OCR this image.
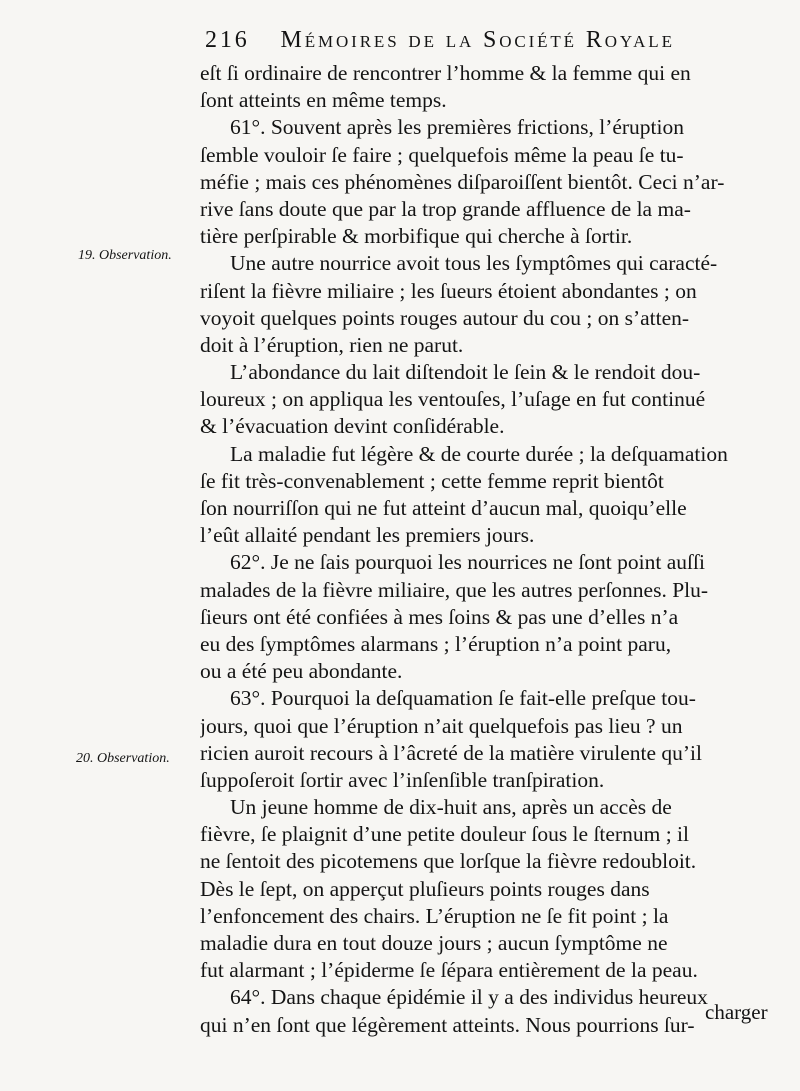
216 Mémoires de la Société Royale
19. Observation.
20. Observation.
eſt ſi ordinaire de rencontrer l’homme & la femme qui en
ſont atteints en même temps.
61°. Souvent après les premières frictions, l’éruption
ſemble vouloir ſe faire ; quelquefois même la peau ſe tu-
méfie ; mais ces phénomènes diſparoiſſent bientôt. Ceci n’ar-
rive ſans doute que par la trop grande affluence de la ma-
tière perſpirable & morbifique qui cherche à ſortir.
Une autre nourrice avoit tous les ſymptômes qui caracté-
riſent la fièvre miliaire ; les ſueurs étoient abondantes ; on
voyoit quelques points rouges autour du cou ; on s’atten-
doit à l’éruption, rien ne parut.
L’abondance du lait diſtendoit le ſein & le rendoit dou-
loureux ; on appliqua les ventouſes, l’uſage en fut continué
& l’évacuation devint conſidérable.
La maladie fut légère & de courte durée ; la deſquamation
ſe fit très-convenablement ; cette femme reprit bientôt
ſon nourriſſon qui ne fut atteint d’aucun mal, quoiqu’elle
l’eût allaité pendant les premiers jours.
62°. Je ne ſais pourquoi les nourrices ne ſont point auſſi
malades de la fièvre miliaire, que les autres perſonnes. Plu-
ſieurs ont été confiées à mes ſoins & pas une d’elles n’a
eu des ſymptômes alarmans ; l’éruption n’a point paru,
ou a été peu abondante.
63°. Pourquoi la deſquamation ſe fait-elle preſque tou-
jours, quoi que l’éruption n’ait quelquefois pas lieu ? un
ricien auroit recours à l’âcreté de la matière virulente qu’il
ſuppoſeroit ſortir avec l’inſenſible tranſpiration.
Un jeune homme de dix-huit ans, après un accès de
fièvre, ſe plaignit d’une petite douleur ſous le ſternum ; il
ne ſentoit des picotemens que lorſque la fièvre redoubloit.
Dès le ſept, on apperçut pluſieurs points rouges dans
l’enfoncement des chairs. L’éruption ne ſe fit point ; la
maladie dura en tout douze jours ; aucun ſymptôme ne
fut alarmant ; l’épiderme ſe ſépara entièrement de la peau.
64°. Dans chaque épidémie il y a des individus heureux
qui n’en ſont que légèrement atteints. Nous pourrions ſur-
charger
